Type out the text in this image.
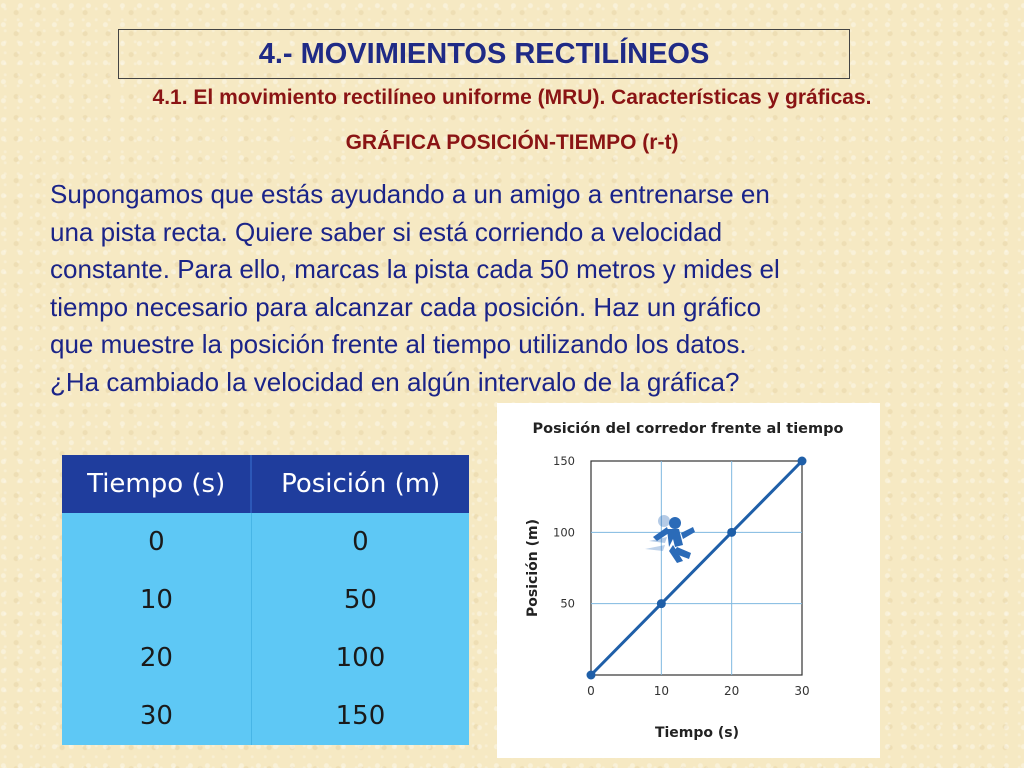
4.- MOVIMIENTOS RECTILÍNEOS
4.1. El movimiento rectilíneo uniforme (MRU). Características y gráficas.
GRÁFICA POSICIÓN-TIEMPO (r-t)
Supongamos que estás ayudando a un amigo a entrenarse en
una pista recta. Quiere saber si está corriendo a velocidad
constante. Para ello, marcas la pista cada 50 metros y mides el
tiempo necesario para alcanzar cada posición. Haz un gráfico
que muestre la posición frente al tiempo utilizando los datos.
¿Ha cambiado la velocidad en algún intervalo de la gráfica?
Tiempo (s)	Posición (m)
0	0
10	50
20	100
30	150
Posición del corredor frente al tiempo
0	10	20	30
50
100
150
Tiempo (s)
Posición (m)
